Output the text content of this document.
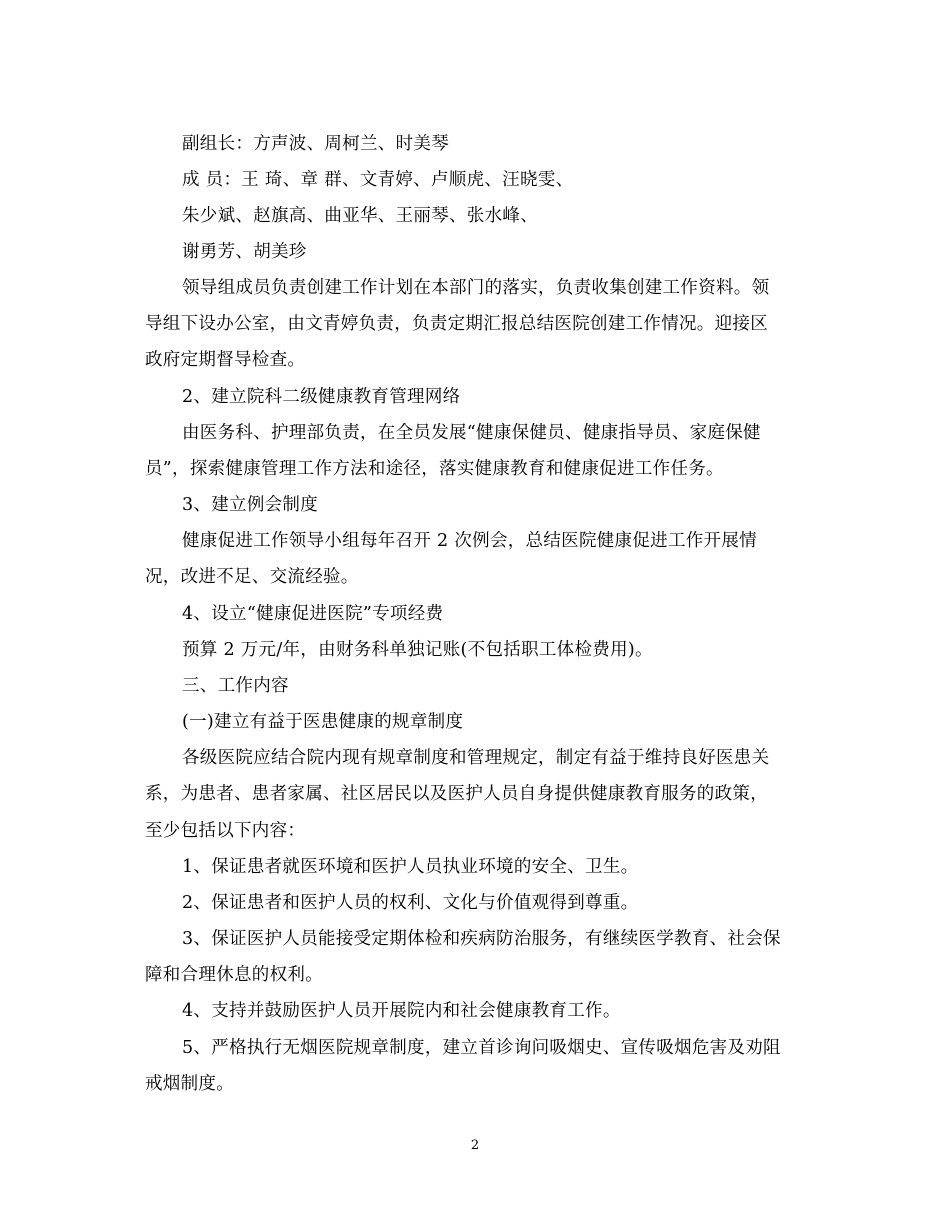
副组长：方声波、周柯兰、时美琴
成 员：王 琦、章 群、文青婷、卢顺虎、汪晓雯、
朱少斌、赵旗高、曲亚华、王丽琴、张水峰、
谢勇芳、胡美珍
领导组成员负责创建工作计划在本部门的落实，负责收集创建工作资料。领
导组下设办公室，由文青婷负责，负责定期汇报总结医院创建工作情况。迎接区
政府定期督导检查。
2、建立院科二级健康教育管理网络
由医务科、护理部负责，在全员发展“健康保健员、健康指导员、家庭保健
员”，探索健康管理工作方法和途径，落实健康教育和健康促进工作任务。
3、建立例会制度
健康促进工作领导小组每年召开 2 次例会，总结医院健康促进工作开展情
况，改进不足、交流经验。
4、设立“健康促进医院”专项经费
预算 2 万元/年，由财务科单独记账(不包括职工体检费用)。
三、工作内容
(一)建立有益于医患健康的规章制度
各级医院应结合院内现有规章制度和管理规定，制定有益于维持良好医患关
系，为患者、患者家属、社区居民以及医护人员自身提供健康教育服务的政策，
至少包括以下内容：
1、保证患者就医环境和医护人员执业环境的安全、卫生。
2、保证患者和医护人员的权利、文化与价值观得到尊重。
3、保证医护人员能接受定期体检和疾病防治服务，有继续医学教育、社会保
障和合理休息的权利。
4、支持并鼓励医护人员开展院内和社会健康教育工作。
5、严格执行无烟医院规章制度，建立首诊询问吸烟史、宣传吸烟危害及劝阻
戒烟制度。
2
